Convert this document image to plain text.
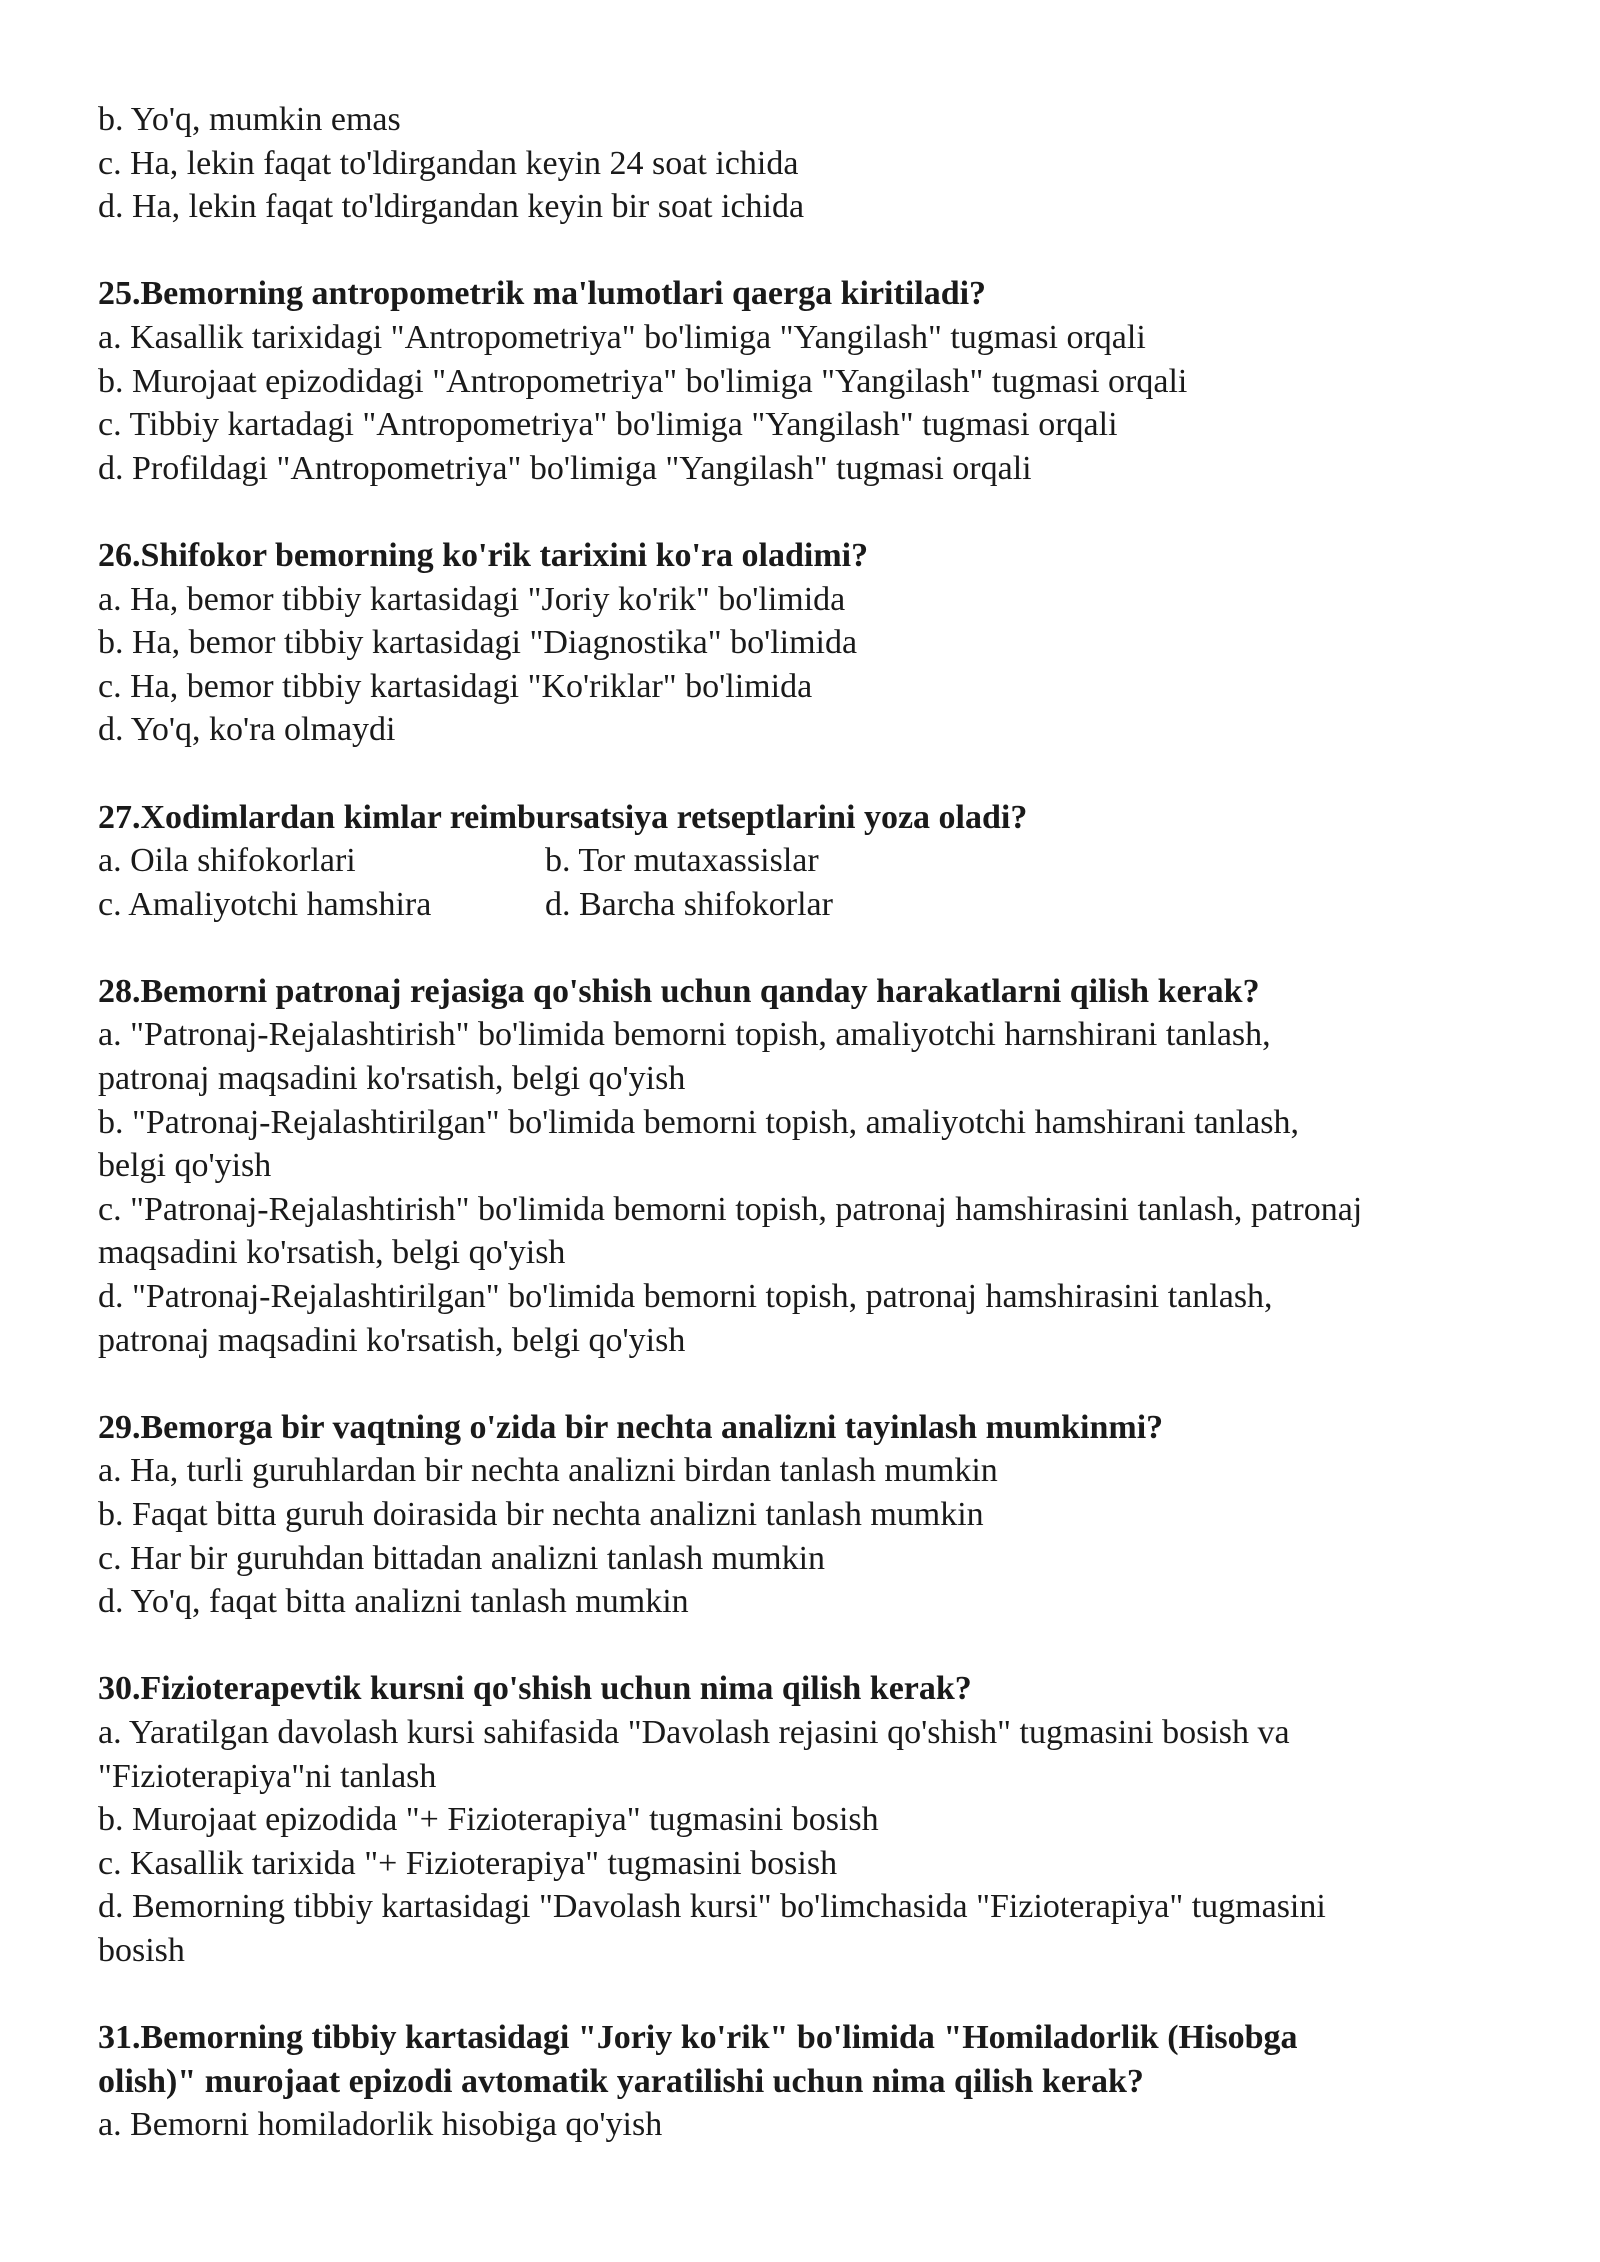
b. Yo'q, mumkin emas

c. Ha, lekin faqat to'ldirgandan keyin 24 soat ichida

d. Ha, lekin faqat to'ldirgandan keyin bir soat ichida

25.Bemorning antropometrik ma'lumotlari qaerga kiritiladi?

a. Kasallik tarixidagi "Antropometriya" bo'limiga "Yangilash" tugmasi orqali

b. Murojaat epizodidagi "Antropometriya" bo'limiga "Yangilash" tugmasi orqali

c. Tibbiy kartadagi "Antropometriya" bo'limiga "Yangilash" tugmasi orqali

d. Profildagi "Antropometriya" bo'limiga "Yangilash" tugmasi orqali

26.Shifokor bemorning ko'rik tarixini ko'ra oladimi?

a. Ha, bemor tibbiy kartasidagi "Joriy ko'rik" bo'limida

b. Ha, bemor tibbiy kartasidagi "Diagnostika" bo'limida

c. Ha, bemor tibbiy kartasidagi "Ko'riklar" bo'limida

d. Yo'q, ko'ra olmaydi

27.Xodimlardan kimlar reimbursatsiya retseptlarini yoza oladi?

a. Oila shifokorlari	b. Tor mutaxassislar
c. Amaliyotchi hamshira	d. Barcha shifokorlar

28.Bemorni patronaj rejasiga qo'shish uchun qanday harakatlarni qilish kerak?

a. "Patronaj-Rejalashtirish" bo'limida bemorni topish, amaliyotchi harnshirani tanlash,
patronaj maqsadini ko'rsatish, belgi qo'yish

b. "Patronaj-Rejalashtirilgan" bo'limida bemorni topish, amaliyotchi hamshirani tanlash,
belgi qo'yish

c. "Patronaj-Rejalashtirish" bo'limida bemorni topish, patronaj hamshirasini tanlash, patronaj
maqsadini ko'rsatish, belgi qo'yish

d. "Patronaj-Rejalashtirilgan" bo'limida bemorni topish, patronaj hamshirasini tanlash,
patronaj maqsadini ko'rsatish, belgi qo'yish

29.Bemorga bir vaqtning o'zida bir nechta analizni tayinlash mumkinmi?

a. Ha, turli guruhlardan bir nechta analizni birdan tanlash mumkin

b. Faqat bitta guruh doirasida bir nechta analizni tanlash mumkin

c. Har bir guruhdan bittadan analizni tanlash mumkin

d. Yo'q, faqat bitta analizni tanlash mumkin

30.Fizioterapevtik kursni qo'shish uchun nima qilish kerak?

a. Yaratilgan davolash kursi sahifasida "Davolash rejasini qo'shish" tugmasini bosish va
"Fizioterapiya"ni tanlash

b. Murojaat epizodida "+ Fizioterapiya" tugmasini bosish

c. Kasallik tarixida "+ Fizioterapiya" tugmasini bosish

d. Bemorning tibbiy kartasidagi "Davolash kursi" bo'limchasida "Fizioterapiya" tugmasini
bosish

31.Bemorning tibbiy kartasidagi "Joriy ko'rik" bo'limida "Homiladorlik (Hisobga
olish)" murojaat epizodi avtomatik yaratilishi uchun nima qilish kerak?

a. Bemorni homiladorlik hisobiga qo'yish
